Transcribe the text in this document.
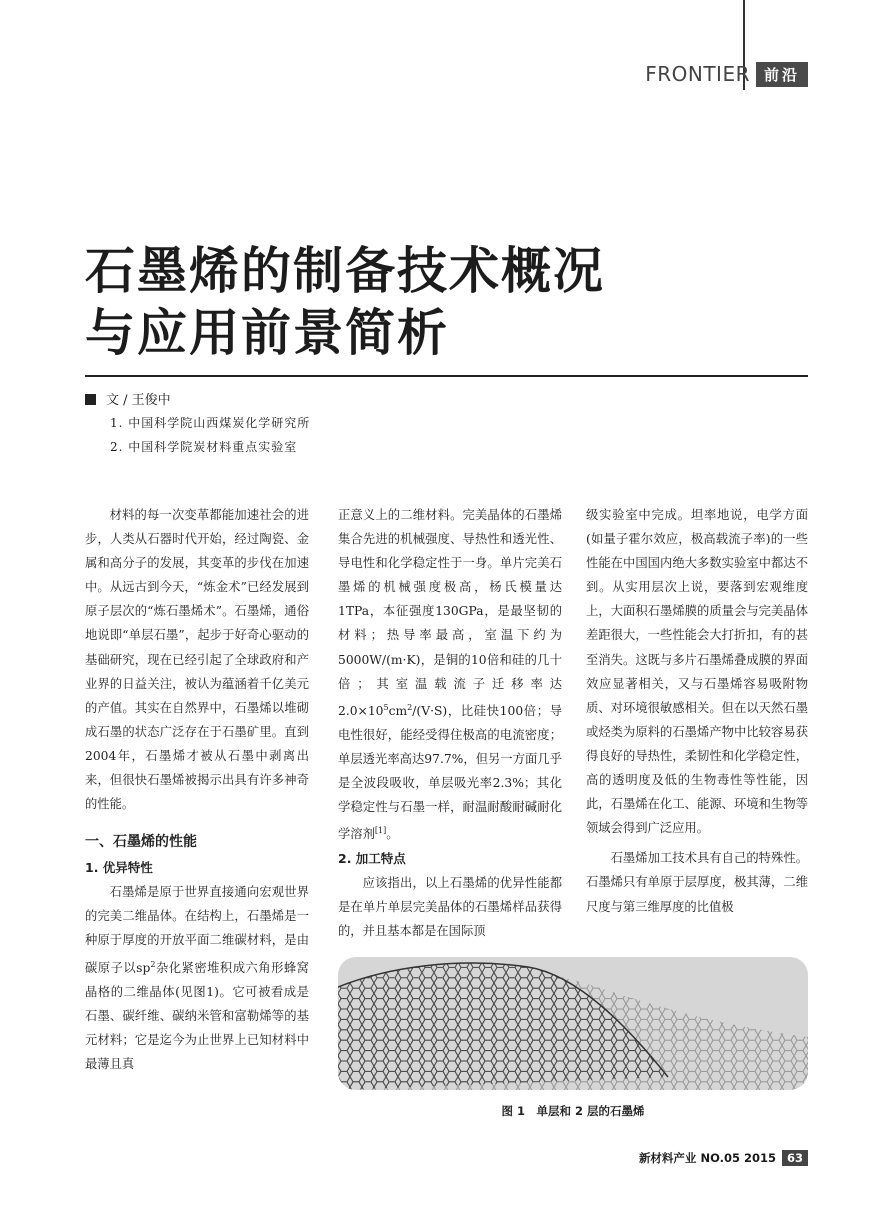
FRONTIER 前沿
石墨烯的制备技术概况
与应用前景简析
文 / 王俊中
1. 中国科学院山西煤炭化学研究所
2. 中国科学院炭材料重点实验室

材料的每一次变革都能加速社会的进步，人类从石器时代开始，经过陶瓷、金属和高分子的发展，其变革的步伐在加速中。从远古到今天，“炼金术”已经发展到原子层次的“炼石墨烯术”。石墨烯，通俗地说即“单层石墨”，起步于好奇心驱动的基础研究，现在已经引起了全球政府和产业界的日益关注，被认为蕴涵着千亿美元的产值。其实在自然界中，石墨烯以堆砌成石墨的状态广泛存在于石墨矿里。直到2004年，石墨烯才被从石墨中剥离出来，但很快石墨烯被揭示出具有许多神奇的性能。

一、石墨烯的性能
1. 优异特性

石墨烯是原于世界直接通向宏观世界的完美二维晶体。在结构上，石墨烯是一种原于厚度的开放平面二维碳材料，是由碳原子以$sp^2$杂化紧密堆积成六角形蜂窝晶格的二维晶体(见图1)。它可被看成是石墨、碳纤维、碳纳米管和富勒烯等的基元材料；它是迄今为止世界上已知材料中最薄且真

正意义上的二维材料。完美晶体的石墨烯集合先进的机械强度、导热性和透光性、导电性和化学稳定性于一身。单片完美石墨烯的机械强度极高，杨氏模量达1TPa，本征强度130GPa，是最坚韧的材料；热导率最高，室温下约为5000W/(m·K)，是铜的10倍和硅的几十倍；其室温载流子迁移率达$2.0\times 10^5cm^2/(V\cdot S)$，比硅快100倍；导电性很好，能经受得住极高的电流密度；单层透光率高达97.7%，但另一方面几乎是全波段吸收，单层吸光率2.3%；其化学稳定性与石墨一样，耐温耐酸耐碱耐化学溶剂[1]。

2. 加工特点

应该指出，以上石墨烯的优异性能都是在单片单层完美晶体的石墨烯样品获得的，并且基本都是在国际顶

级实验室中完成。坦率地说，电学方面(如量子霍尔效应，极高载流子率)的一些性能在中国国内绝大多数实验室中都达不到。从实用层次上说，要落到宏观维度上，大面积石墨烯膜的质量会与完美晶体差距很大，一些性能会大打折扣，有的甚至消失。这既与多片石墨烯叠成膜的界面效应显著相关，又与石墨烯容易吸附物质、对环境很敏感相关。但在以天然石墨或烃类为原料的石墨烯产物中比较容易获得良好的导热性，柔韧性和化学稳定性，高的透明度及低的生物毒性等性能，因此，石墨烯在化工、能源、环境和生物等领域会得到广泛应用。

石墨烯加工技术具有自己的特殊性。石墨烯只有单原于层厚度，极其薄，二维尺度与第三维厚度的比值极

图 1　单层和 2 层的石墨烯
新材料产业
NO.05 2015 63
